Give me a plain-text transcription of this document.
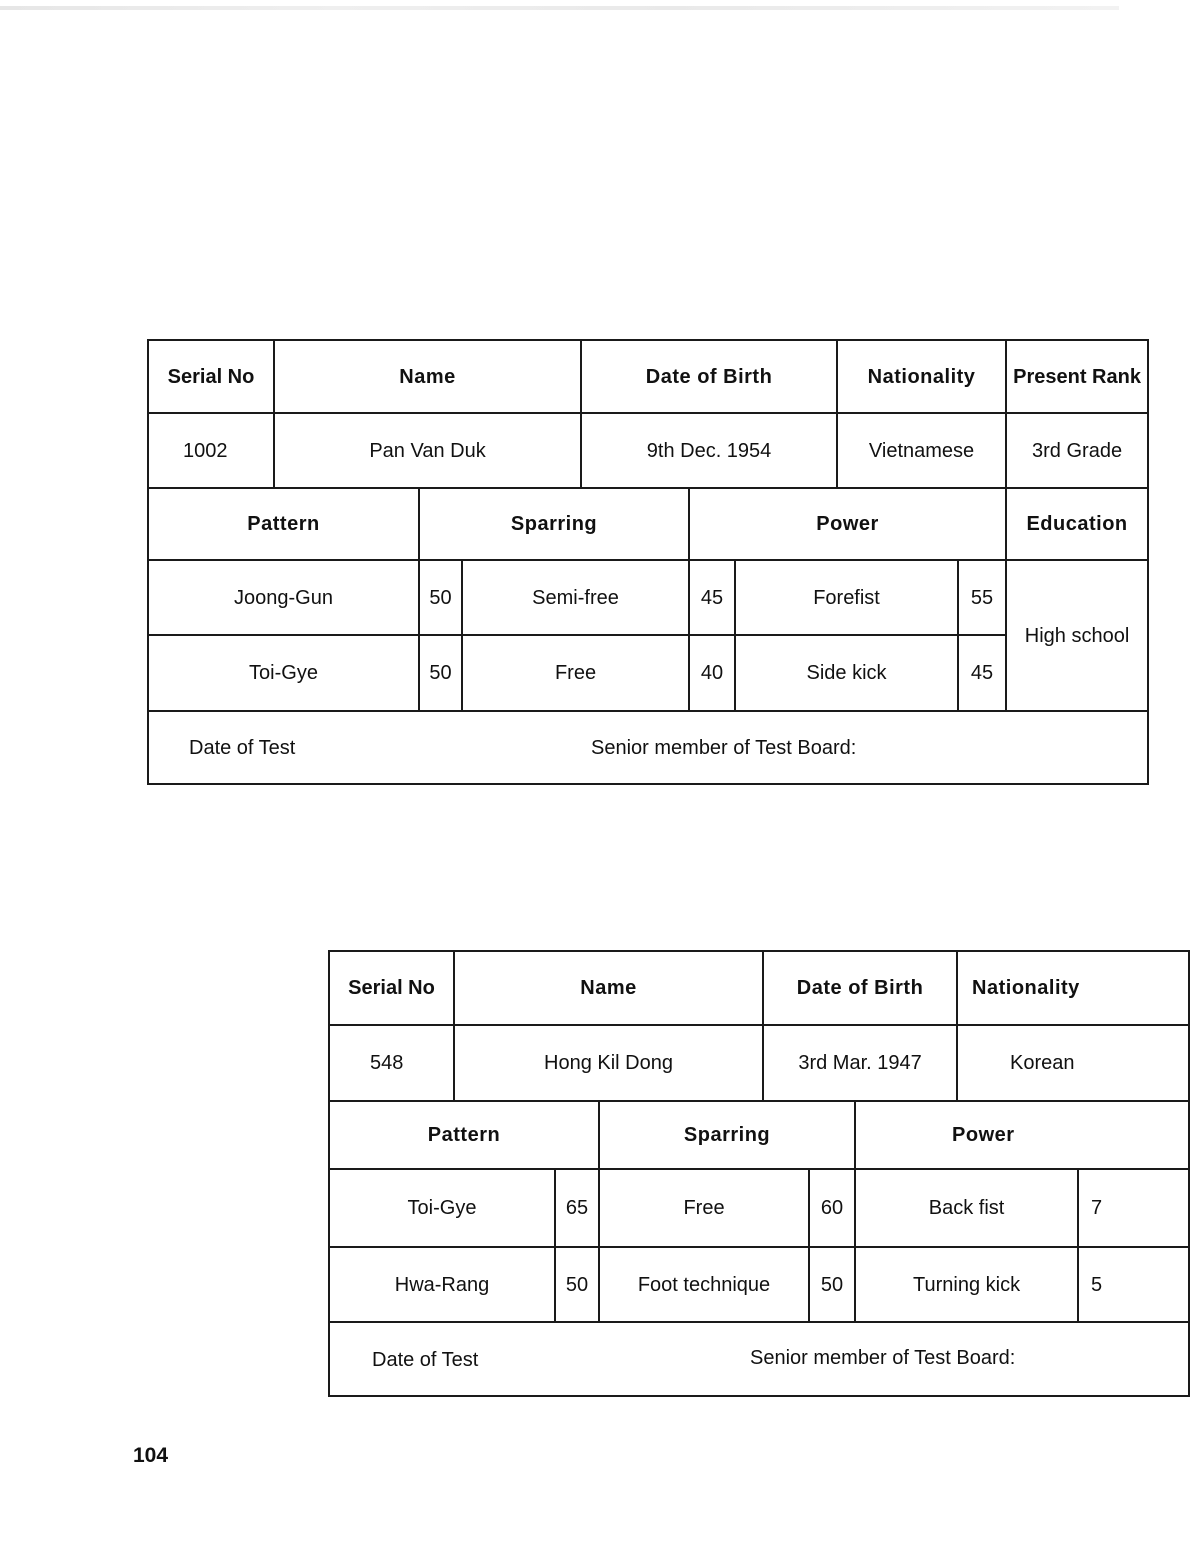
Serial No	Name			Date of Birth			Nationality		Present Rank
1002	Pan Van Duk			9th Dec. 1954			Vietnamese		3rd Grade
Pattern		Sparring			Power				Education
Joong-Gun		50	Semi-free		45	Forefist		55	High school
Toi-Gye		50	Free		40	Side kick		45	

Date of Test Senior member of Test Board:									
Serial No	Name			Date of Birth			Nationality	
548	Hong Kil Dong			3rd Mar. 1947			Korean	
Pattern			Sparring			Power		
Toi-Gye		65	Free		60	Back fist		7
Hwa-Rang		50	Foot technique		50	Turning kick		5

Date of Test Senior member of Test Board:								
104
